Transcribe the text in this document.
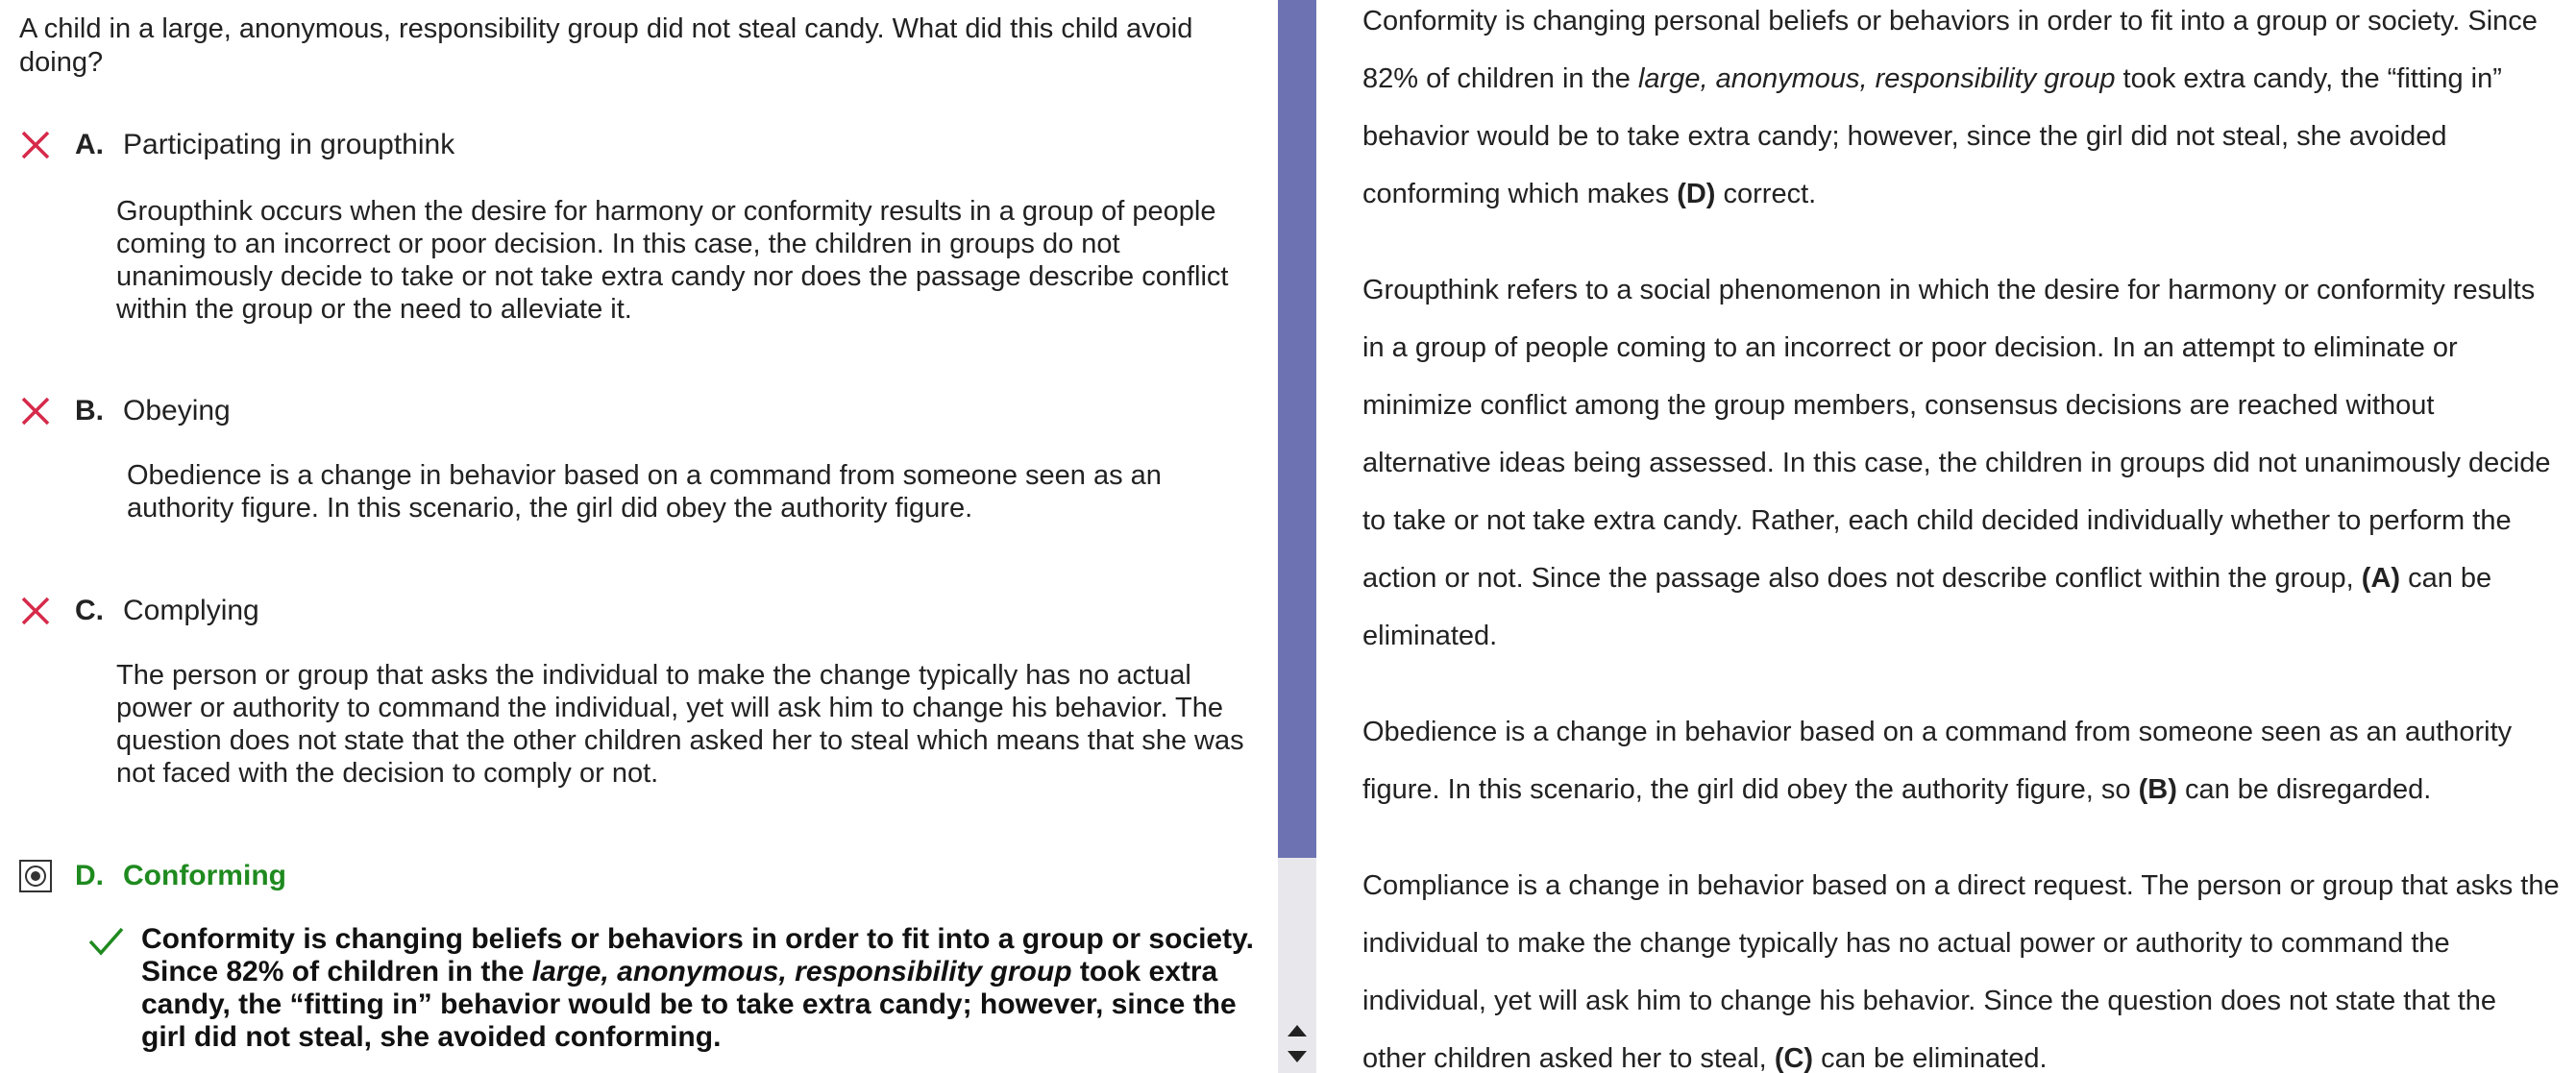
A child in a large, anonymous, responsibility group did not steal candy. What did this child avoid doing?

A. Participating in groupthink

Groupthink occurs when the desire for harmony or conformity results in a group of people coming to an incorrect or poor decision. In this case, the children in groups do not unanimously decide to take or not take extra candy nor does the passage describe conflict within the group or the need to alleviate it.

B. Obeying

Obedience is a change in behavior based on a command from someone seen as an authority figure. In this scenario, the girl did obey the authority figure.

C. Complying

The person or group that asks the individual to make the change typically has no actual power or authority to command the individual, yet will ask him to change his behavior. The question does not state that the other children asked her to steal which means that she was not faced with the decision to comply or not.

D. Conforming

Conformity is changing beliefs or behaviors in order to fit into a group or society. Since 82% of children in the large, anonymous, responsibility group took extra candy, the “fitting in” behavior would be to take extra candy; however, since the girl did not steal, she avoided conforming.

Conformity is changing personal beliefs or behaviors in order to fit into a group or society. Since 82% of children in the large, anonymous, responsibility group took extra candy, the “fitting in” behavior would be to take extra candy; however, since the girl did not steal, she avoided conforming which makes (D) correct.

Groupthink refers to a social phenomenon in which the desire for harmony or conformity results in a group of people coming to an incorrect or poor decision. In an attempt to eliminate or minimize conflict among the group members, consensus decisions are reached without alternative ideas being assessed. In this case, the children in groups did not unanimously decide to take or not take extra candy. Rather, each child decided individually whether to perform the action or not. Since the passage also does not describe conflict within the group, (A) can be eliminated.

Obedience is a change in behavior based on a command from someone seen as an authority figure. In this scenario, the girl did obey the authority figure, so (B) can be disregarded.

Compliance is a change in behavior based on a direct request. The person or group that asks the individual to make the change typically has no actual power or authority to command the individual, yet will ask him to change his behavior. Since the question does not state that the other children asked her to steal, (C) can be eliminated.
